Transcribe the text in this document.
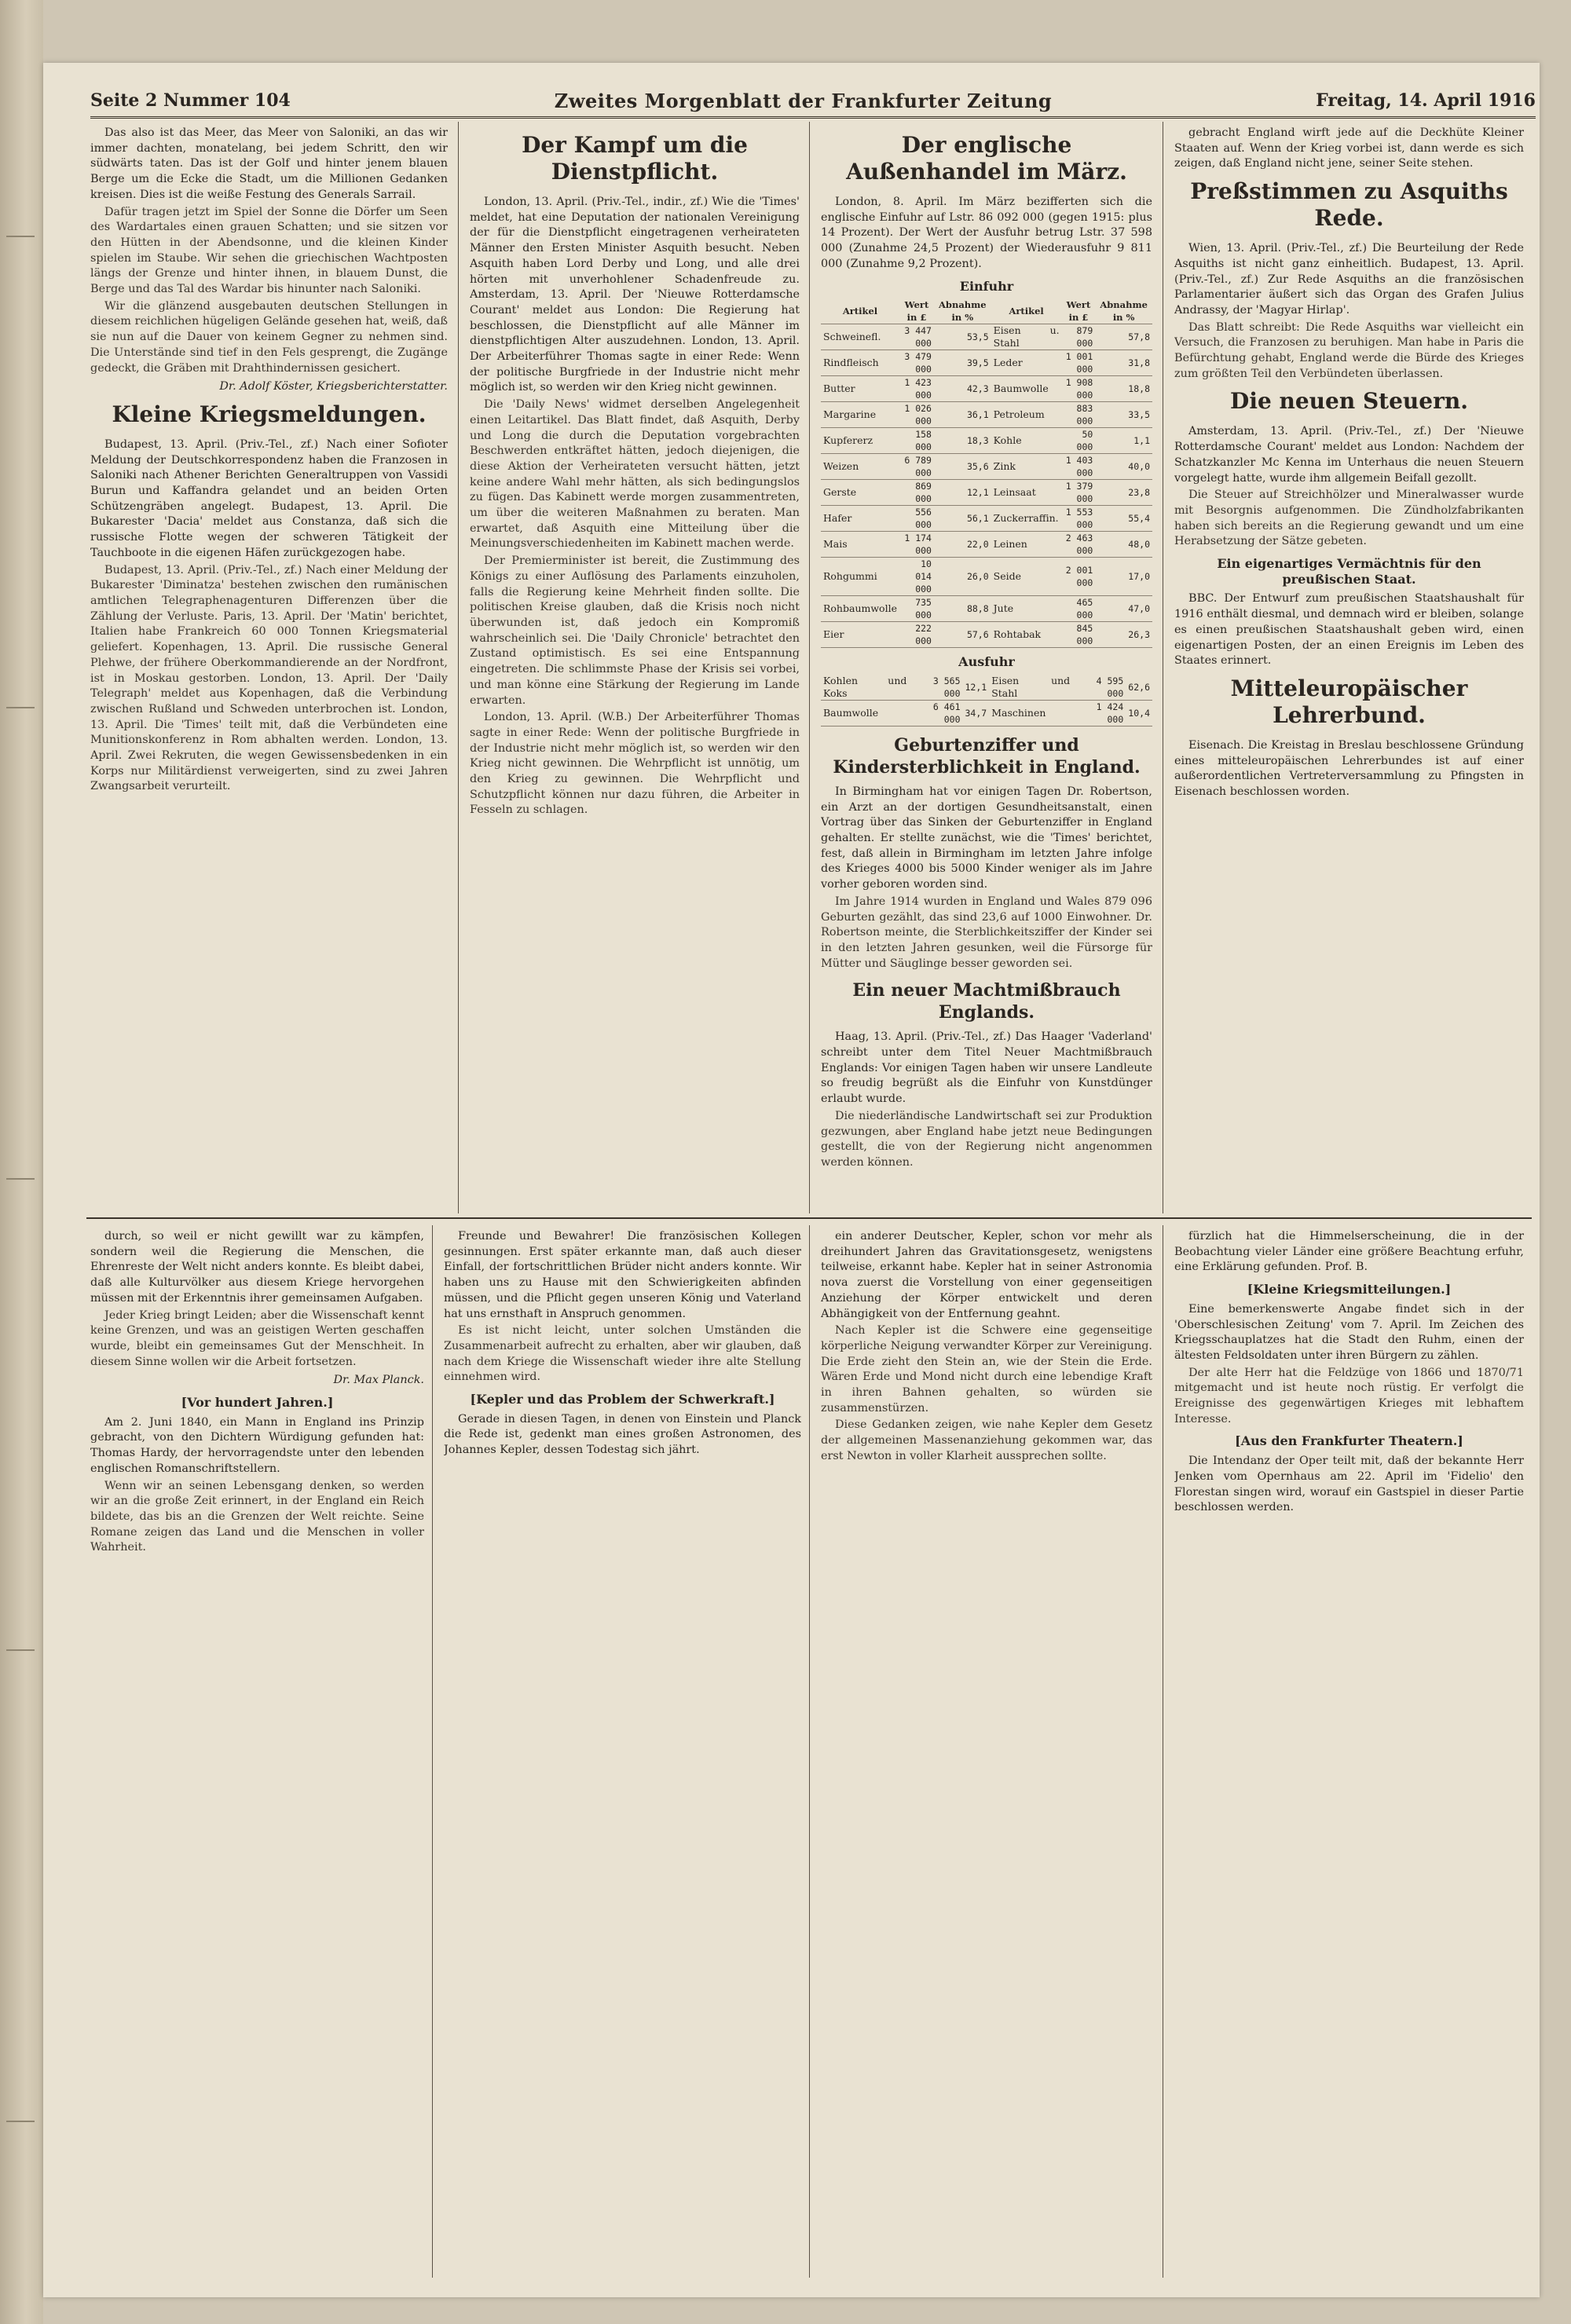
Seite 2 Nummer 104	Zweites Morgenblatt der Frankfurter Zeitung	Freitag, 14. April 1916

Das also ist das Meer, das Meer von Saloniki, an das wir immer dachten, monatelang, bei jedem Schritt, den wir südwärts taten. Das ist der Golf und hinter jenem blauen Berge um die Ecke die Stadt, um die Millionen Gedanken kreisen. Dies ist die weiße Festung des Generals Sarrail.

Dafür tragen jetzt im Spiel der Sonne die Dörfer um Seen des Wardartales einen grauen Schatten; und sie sitzen vor den Hütten in der Abendsonne, und die kleinen Kinder spielen im Staube. Wir sehen die griechischen Wachtposten längs der Grenze und hinter ihnen, in blauem Dunst, die Berge und das Tal des Wardar bis hinunter nach Saloniki.

Wir die glänzend ausgebauten deutschen Stellungen in diesem reichlichen hügeligen Gelände gesehen hat, weiß, daß sie nun auf die Dauer von keinem Gegner zu nehmen sind. Die Unterstände sind tief in den Fels gesprengt, die Zugänge gedeckt, die Gräben mit Drahthindernissen gesichert.

Dr. Adolf Köster, Kriegsberichterstatter.
Kleine Kriegsmeldungen.

Budapest, 13. April. (Priv.-Tel., zf.) Nach einer Sofioter Meldung der Deutschkorrespondenz haben die Franzosen in Saloniki nach Athener Berichten Generaltruppen von Vassidi Burun und Kaffandra gelandet und an beiden Orten Schützengräben angelegt. Budapest, 13. April. Die Bukarester 'Dacia' meldet aus Constanza, daß sich die russische Flotte wegen der schweren Tätigkeit der Tauchboote in die eigenen Häfen zurückgezogen habe.

Budapest, 13. April. (Priv.-Tel., zf.) Nach einer Meldung der Bukarester 'Diminatza' bestehen zwischen den rumänischen amtlichen Telegraphenagenturen Differenzen über die Zählung der Verluste. Paris, 13. April. Der 'Matin' berichtet, Italien habe Frankreich 60 000 Tonnen Kriegsmaterial geliefert. Kopenhagen, 13. April. Die russische General Plehwe, der frühere Oberkommandierende an der Nordfront, ist in Moskau gestorben. London, 13. April. Der 'Daily Telegraph' meldet aus Kopenhagen, daß die Verbindung zwischen Rußland und Schweden unterbrochen ist. London, 13. April. Die 'Times' teilt mit, daß die Verbündeten eine Munitionskonferenz in Rom abhalten werden. London, 13. April. Zwei Rekruten, die wegen Gewissensbedenken in ein Korps nur Militärdienst verweigerten, sind zu zwei Jahren Zwangsarbeit verurteilt.

Der Kampf um die Dienstpflicht.

London, 13. April. (Priv.-Tel., indir., zf.) Wie die 'Times' meldet, hat eine Deputation der nationalen Vereinigung der für die Dienstpflicht eingetragenen verheirateten Männer den Ersten Minister Asquith besucht. Neben Asquith haben Lord Derby und Long, und alle drei hörten mit unverhohlener Schadenfreude zu. Amsterdam, 13. April. Der 'Nieuwe Rotterdamsche Courant' meldet aus London: Die Regierung hat beschlossen, die Dienstpflicht auf alle Männer im dienstpflichtigen Alter auszudehnen. London, 13. April. Der Arbeiterführer Thomas sagte in einer Rede: Wenn der politische Burgfriede in der Industrie nicht mehr möglich ist, so werden wir den Krieg nicht gewinnen.

Die 'Daily News' widmet derselben Angelegenheit einen Leitartikel. Das Blatt findet, daß Asquith, Derby und Long die durch die Deputation vorgebrachten Beschwerden entkräftet hätten, jedoch diejenigen, die diese Aktion der Verheirateten versucht hätten, jetzt keine andere Wahl mehr hätten, als sich bedingungslos zu fügen. Das Kabinett werde morgen zusammentreten, um über die weiteren Maßnahmen zu beraten. Man erwartet, daß Asquith eine Mitteilung über die Meinungsverschiedenheiten im Kabinett machen werde.

Der Premierminister ist bereit, die Zustimmung des Königs zu einer Auflösung des Parlaments einzuholen, falls die Regierung keine Mehrheit finden sollte. Die politischen Kreise glauben, daß die Krisis noch nicht überwunden ist, daß jedoch ein Kompromiß wahrscheinlich sei. Die 'Daily Chronicle' betrachtet den Zustand optimistisch. Es sei eine Entspannung eingetreten. Die schlimmste Phase der Krisis sei vorbei, und man könne eine Stärkung der Regierung im Lande erwarten.

London, 13. April. (W.B.) Der Arbeiterführer Thomas sagte in einer Rede: Wenn der politische Burgfriede in der Industrie nicht mehr möglich ist, so werden wir den Krieg nicht gewinnen. Die Wehrpflicht ist unnötig, um den Krieg zu gewinnen. Die Wehrpflicht und Schutzpflicht können nur dazu führen, die Arbeiter in Fesseln zu schlagen.

Der englische Außenhandel im März.

London, 8. April. Im März bezifferten sich die englische Einfuhr auf Lstr. 86 092 000 (gegen 1915: plus 14 Prozent). Der Wert der Ausfuhr betrug Lstr. 37 598 000 (Zunahme 24,5 Prozent) der Wiederausfuhr 9 811 000 (Zunahme 9,2 Prozent).

Einfuhr
Artikel	Wert in £	Abnahme in %	Artikel	Wert in £	Abnahme in %
Schweinefl.	3 447 000	53,5	Eisen u. Stahl	879 000	57,8
Rindfleisch	3 479 000	39,5	Leder	1 001 000	31,8
Butter	1 423 000	42,3	Baumwolle	1 908 000	18,8
Margarine	1 026 000	36,1	Petroleum	883 000	33,5
Kupfererz	158 000	18,3	Kohle	50 000	1,1
Weizen	6 789 000	35,6	Zink	1 403 000	40,0
Gerste	869 000	12,1	Leinsaat	1 379 000	23,8
Hafer	556 000	56,1	Zuckerraffin.	1 553 000	55,4
Mais	1 174 000	22,0	Leinen	2 463 000	48,0
Rohgummi	10 014 000	26,0	Seide	2 001 000	17,0
Rohbaumwolle	735 000	88,8	Jute	465 000	47,0
Eier	222 000	57,6	Rohtabak	845 000	26,3
Ausfuhr
Kohlen und Koks	3 565 000	12,1	Eisen und Stahl	4 595 000	62,6
Baumwolle	6 461 000	34,7	Maschinen	1 424 000	10,4
Geburtenziffer und Kindersterblichkeit in England.

In Birmingham hat vor einigen Tagen Dr. Robertson, ein Arzt an der dortigen Gesundheitsanstalt, einen Vortrag über das Sinken der Geburtenziffer in England gehalten. Er stellte zunächst, wie die 'Times' berichtet, fest, daß allein in Birmingham im letzten Jahre infolge des Krieges 4000 bis 5000 Kinder weniger als im Jahre vorher geboren worden sind.

Im Jahre 1914 wurden in England und Wales 879 096 Geburten gezählt, das sind 23,6 auf 1000 Einwohner. Dr. Robertson meinte, die Sterblichkeitsziffer der Kinder sei in den letzten Jahren gesunken, weil die Fürsorge für Mütter und Säuglinge besser geworden sei.

Ein neuer Machtmißbrauch Englands.

Haag, 13. April. (Priv.-Tel., zf.) Das Haager 'Vaderland' schreibt unter dem Titel Neuer Machtmißbrauch Englands: Vor einigen Tagen haben wir unsere Landleute so freudig begrüßt als die Einfuhr von Kunstdünger erlaubt wurde.

Die niederländische Landwirtschaft sei zur Produktion gezwungen, aber England habe jetzt neue Bedingungen gestellt, die von der Regierung nicht angenommen werden können.

gebracht England wirft jede auf die Deckhüte Kleiner Staaten auf. Wenn der Krieg vorbei ist, dann werde es sich zeigen, daß England nicht jene, seiner Seite stehen.

Preßstimmen zu Asquiths Rede.

Wien, 13. April. (Priv.-Tel., zf.) Die Beurteilung der Rede Asquiths ist nicht ganz einheitlich. Budapest, 13. April. (Priv.-Tel., zf.) Zur Rede Asquiths an die französischen Parlamentarier äußert sich das Organ des Grafen Julius Andrassy, der 'Magyar Hirlap'.

Das Blatt schreibt: Die Rede Asquiths war vielleicht ein Versuch, die Franzosen zu beruhigen. Man habe in Paris die Befürchtung gehabt, England werde die Bürde des Krieges zum größten Teil den Verbündeten überlassen.

Die neuen Steuern.

Amsterdam, 13. April. (Priv.-Tel., zf.) Der 'Nieuwe Rotterdamsche Courant' meldet aus London: Nachdem der Schatzkanzler Mc Kenna im Unterhaus die neuen Steuern vorgelegt hatte, wurde ihm allgemein Beifall gezollt.

Die Steuer auf Streichhölzer und Mineralwasser wurde mit Besorgnis aufgenommen. Die Zündholzfabrikanten haben sich bereits an die Regierung gewandt und um eine Herabsetzung der Sätze gebeten.

Ein eigenartiges Vermächtnis für den preußischen Staat.

BBC. Der Entwurf zum preußischen Staatshaushalt für 1916 enthält diesmal, und demnach wird er bleiben, solange es einen preußischen Staatshaushalt geben wird, einen eigenartigen Posten, der an einen Ereignis im Leben des Staates erinnert.

Mitteleuropäischer Lehrerbund.

Eisenach. Die Kreistag in Breslau beschlossene Gründung eines mitteleuropäischen Lehrerbundes ist auf einer außerordentlichen Vertreterversammlung zu Pfingsten in Eisenach beschlossen worden.

durch, so weil er nicht gewillt war zu kämpfen, sondern weil die Regierung die Menschen, die Ehrenreste der Welt nicht anders konnte. Es bleibt dabei, daß alle Kulturvölker aus diesem Kriege hervorgehen müssen mit der Erkenntnis ihrer gemeinsamen Aufgaben.

Jeder Krieg bringt Leiden; aber die Wissenschaft kennt keine Grenzen, und was an geistigen Werten geschaffen wurde, bleibt ein gemeinsames Gut der Menschheit. In diesem Sinne wollen wir die Arbeit fortsetzen.

Dr. Max Planck.
[Vor hundert Jahren.]

Am 2. Juni 1840, ein Mann in England ins Prinzip gebracht, von den Dichtern Würdigung gefunden hat: Thomas Hardy, der hervorragendste unter den lebenden englischen Romanschriftstellern.

Wenn wir an seinen Lebensgang denken, so werden wir an die große Zeit erinnert, in der England ein Reich bildete, das bis an die Grenzen der Welt reichte. Seine Romane zeigen das Land und die Menschen in voller Wahrheit.

Freunde und Bewahrer! Die französischen Kollegen gesinnungen. Erst später erkannte man, daß auch dieser Einfall, der fortschrittlichen Brüder nicht anders konnte. Wir haben uns zu Hause mit den Schwierigkeiten abfinden müssen, und die Pflicht gegen unseren König und Vaterland hat uns ernsthaft in Anspruch genommen.

Es ist nicht leicht, unter solchen Umständen die Zusammenarbeit aufrecht zu erhalten, aber wir glauben, daß nach dem Kriege die Wissenschaft wieder ihre alte Stellung einnehmen wird.

[Kepler und das Problem der Schwerkraft.]

Gerade in diesen Tagen, in denen von Einstein und Planck die Rede ist, gedenkt man eines großen Astronomen, des Johannes Kepler, dessen Todestag sich jährt.

ein anderer Deutscher, Kepler, schon vor mehr als dreihundert Jahren das Gravitationsgesetz, wenigstens teilweise, erkannt habe. Kepler hat in seiner Astronomia nova zuerst die Vorstellung von einer gegenseitigen Anziehung der Körper entwickelt und deren Abhängigkeit von der Entfernung geahnt.

Nach Kepler ist die Schwere eine gegenseitige körperliche Neigung verwandter Körper zur Vereinigung. Die Erde zieht den Stein an, wie der Stein die Erde. Wären Erde und Mond nicht durch eine lebendige Kraft in ihren Bahnen gehalten, so würden sie zusammenstürzen.

Diese Gedanken zeigen, wie nahe Kepler dem Gesetz der allgemeinen Massenanziehung gekommen war, das erst Newton in voller Klarheit aussprechen sollte.

fürzlich hat die Himmelserscheinung, die in der Beobachtung vieler Länder eine größere Beachtung erfuhr, eine Erklärung gefunden. Prof. B.

[Kleine Kriegsmitteilungen.]

Eine bemerkenswerte Angabe findet sich in der 'Oberschlesischen Zeitung' vom 7. April. Im Zeichen des Kriegsschauplatzes hat die Stadt den Ruhm, einen der ältesten Feldsoldaten unter ihren Bürgern zu zählen.

Der alte Herr hat die Feldzüge von 1866 und 1870/71 mitgemacht und ist heute noch rüstig. Er verfolgt die Ereignisse des gegenwärtigen Krieges mit lebhaftem Interesse.

[Aus den Frankfurter Theatern.]

Die Intendanz der Oper teilt mit, daß der bekannte Herr Jenken vom Opernhaus am 22. April im 'Fidelio' den Florestan singen wird, worauf ein Gastspiel in dieser Partie beschlossen werden.
